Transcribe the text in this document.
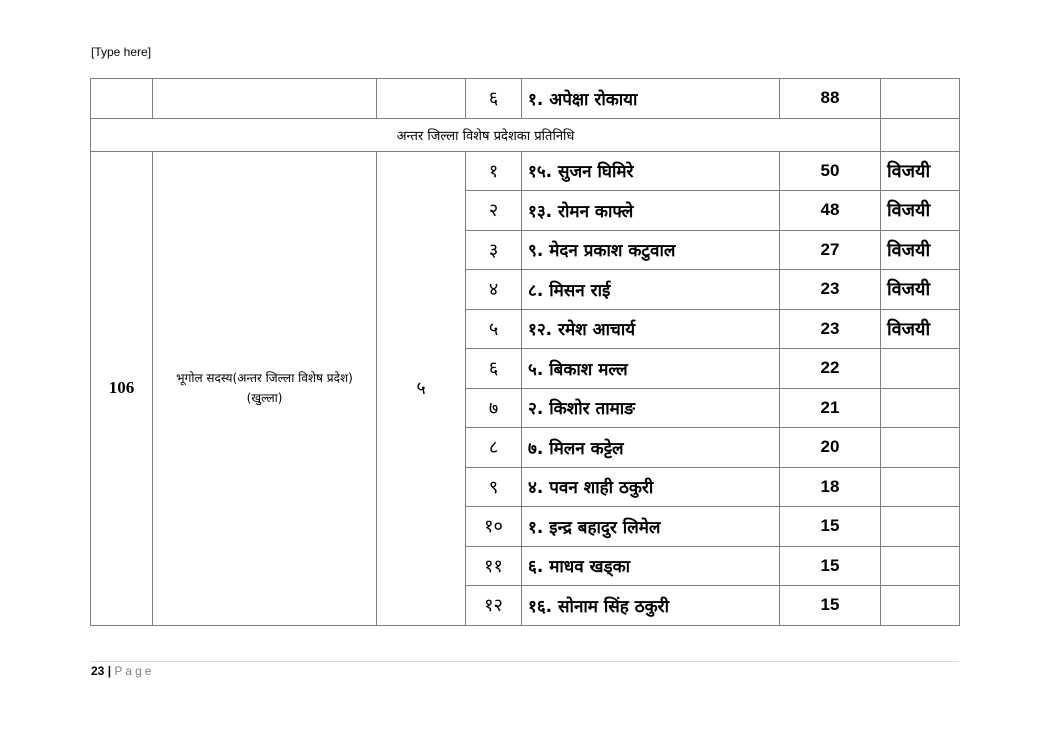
[Type here]
			६	१. अपेक्षा रोकाया	88	
अन्तर जिल्ला विशेष प्रदेशका प्रतिनिधि						
106	भूगोल सदस्य(अन्तर जिल्ला विशेष प्रदेश) (खुल्ला)	५	१	१५. सुजन घिमिरे	50	विजयी
			२	१३. रोमन काफ्ले	48	विजयी
			३	९. मेदन प्रकाश कटुवाल	27	विजयी
			४	८. मिसन राई	23	विजयी
			५	१२. रमेश आचार्य	23	विजयी
			६	५. बिकाश मल्ल	22	
			७	२. किशोर तामाङ	21	
			८	७. मिलन कट्टेल	20	
			९	४. पवन शाही ठकुरी	18	
			१०	१. इन्द्र बहादुर लिमेल	15	
			११	६. माधव खड्का	15	
			१२	१६. सोनाम सिंह ठकुरी	15	
23 | Page
